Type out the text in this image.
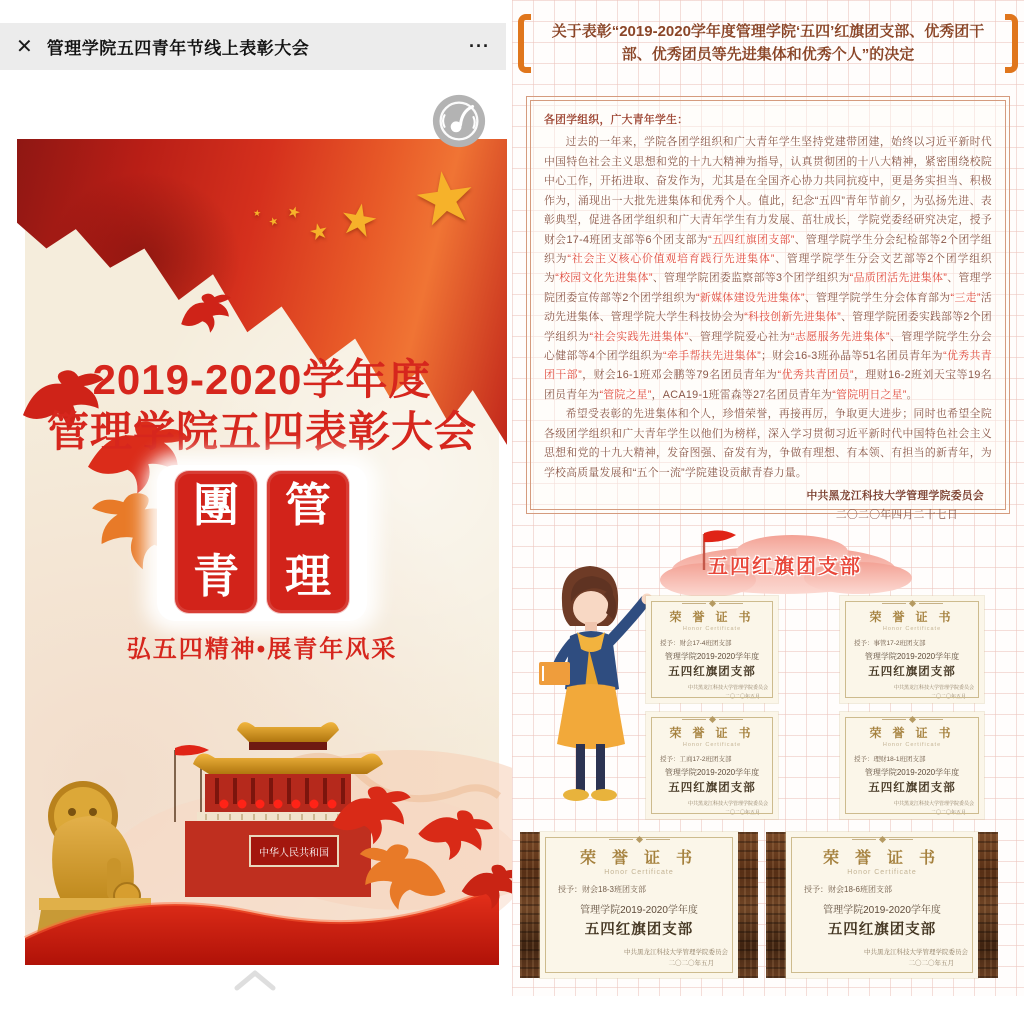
✕ 管理学院五四青年节线上表彰大会	···
★
★
★
★
★
★
2019-2020学年度
管理学院五四表彰大会
團
青
管
理
弘五四精神•展青年风采
中华人民共和国
关于表彰“2019-2020学年度管理学院‘五四’红旗团支部、优秀团干部、优秀团员等先进集体和优秀个人”的决定
各团学组织，广大青年学生：

过去的一年来，学院各团学组织和广大青年学生坚持党建带团建，始终以习近平新时代中国特色社会主义思想和党的十九大精神为指导，认真贯彻团的十八大精神，紧密围绕校院中心工作，开拓进取、奋发作为，尤其是在全国齐心协力共同抗疫中，更是务实担当、积极作为，涌现出一大批先进集体和优秀个人。值此，纪念“五四”青年节前夕，为弘扬先进、表彰典型，促进各团学组织和广大青年学生有力发展、茁壮成长，学院党委经研究决定，授予财会17-4班团支部等6个团支部为“五四红旗团支部”、管理学院学生分会纪检部等2个团学组织为“社会主义核心价值观培育践行先进集体”、管理学院学生分会文艺部等2个团学组织为“校园文化先进集体”、管理学院团委监察部等3个团学组织为“品质团活先进集体”、管理学院团委宣传部等2个团学组织为“新媒体建设先进集体”、管理学院学生分会体育部为“三走”活动先进集体、管理学院大学生科技协会为“科技创新先进集体”、管理学院团委实践部等2个团学组织为“社会实践先进集体”、管理学院爱心社为“志愿服务先进集体”、管理学院学生分会心健部等4个团学组织为“牵手帮扶先进集体”；财会16-3班孙晶等51名团员青年为“优秀共青团干部”，财会16-1班邓会鹏等79名团员青年为“优秀共青团员”，理财16-2班刘天宝等19名团员青年为“管院之星”，ACA19-1班雷森等27名团员青年为“管院明日之星”。

希望受表彰的先进集体和个人，珍惜荣誉，再接再厉，争取更大进步；同时也希望全院各级团学组织和广大青年学生以他们为榜样，深入学习贯彻习近平新时代中国特色社会主义思想和党的十九大精神，发奋图强、奋发有为，争做有理想、有本领、有担当的新青年，为学校高质量发展和“五个一流”学院建设贡献青春力量。

中共黑龙江科技大学管理学院委员会
二〇二〇年四月二十七日
五四红旗团支部
荣 誉 证 书
Honor Certificate
授予：财会17-4班团支部
管理学院2019-2020学年度
五四红旗团支部
中共黑龙江科技大学管理学院委员会
二〇二〇年五月
荣 誉 证 书
Honor Certificate
授予：事管17-2班团支部
管理学院2019-2020学年度
五四红旗团支部
中共黑龙江科技大学管理学院委员会
二〇二〇年五月
荣 誉 证 书
Honor Certificate
授予：工商17-2班团支部
管理学院2019-2020学年度
五四红旗团支部
中共黑龙江科技大学管理学院委员会
二〇二〇年五月
荣 誉 证 书
Honor Certificate
授予：理财18-1班团支部
管理学院2019-2020学年度
五四红旗团支部
中共黑龙江科技大学管理学院委员会
二〇二〇年五月
荣 誉 证 书
Honor Certificate
授予：财会18-3班团支部
管理学院2019-2020学年度
五四红旗团支部
中共黑龙江科技大学管理学院委员会
二〇二〇年五月
荣 誉 证 书
Honor Certificate
授予：财会18-6班团支部
管理学院2019-2020学年度
五四红旗团支部
中共黑龙江科技大学管理学院委员会
二〇二〇年五月
